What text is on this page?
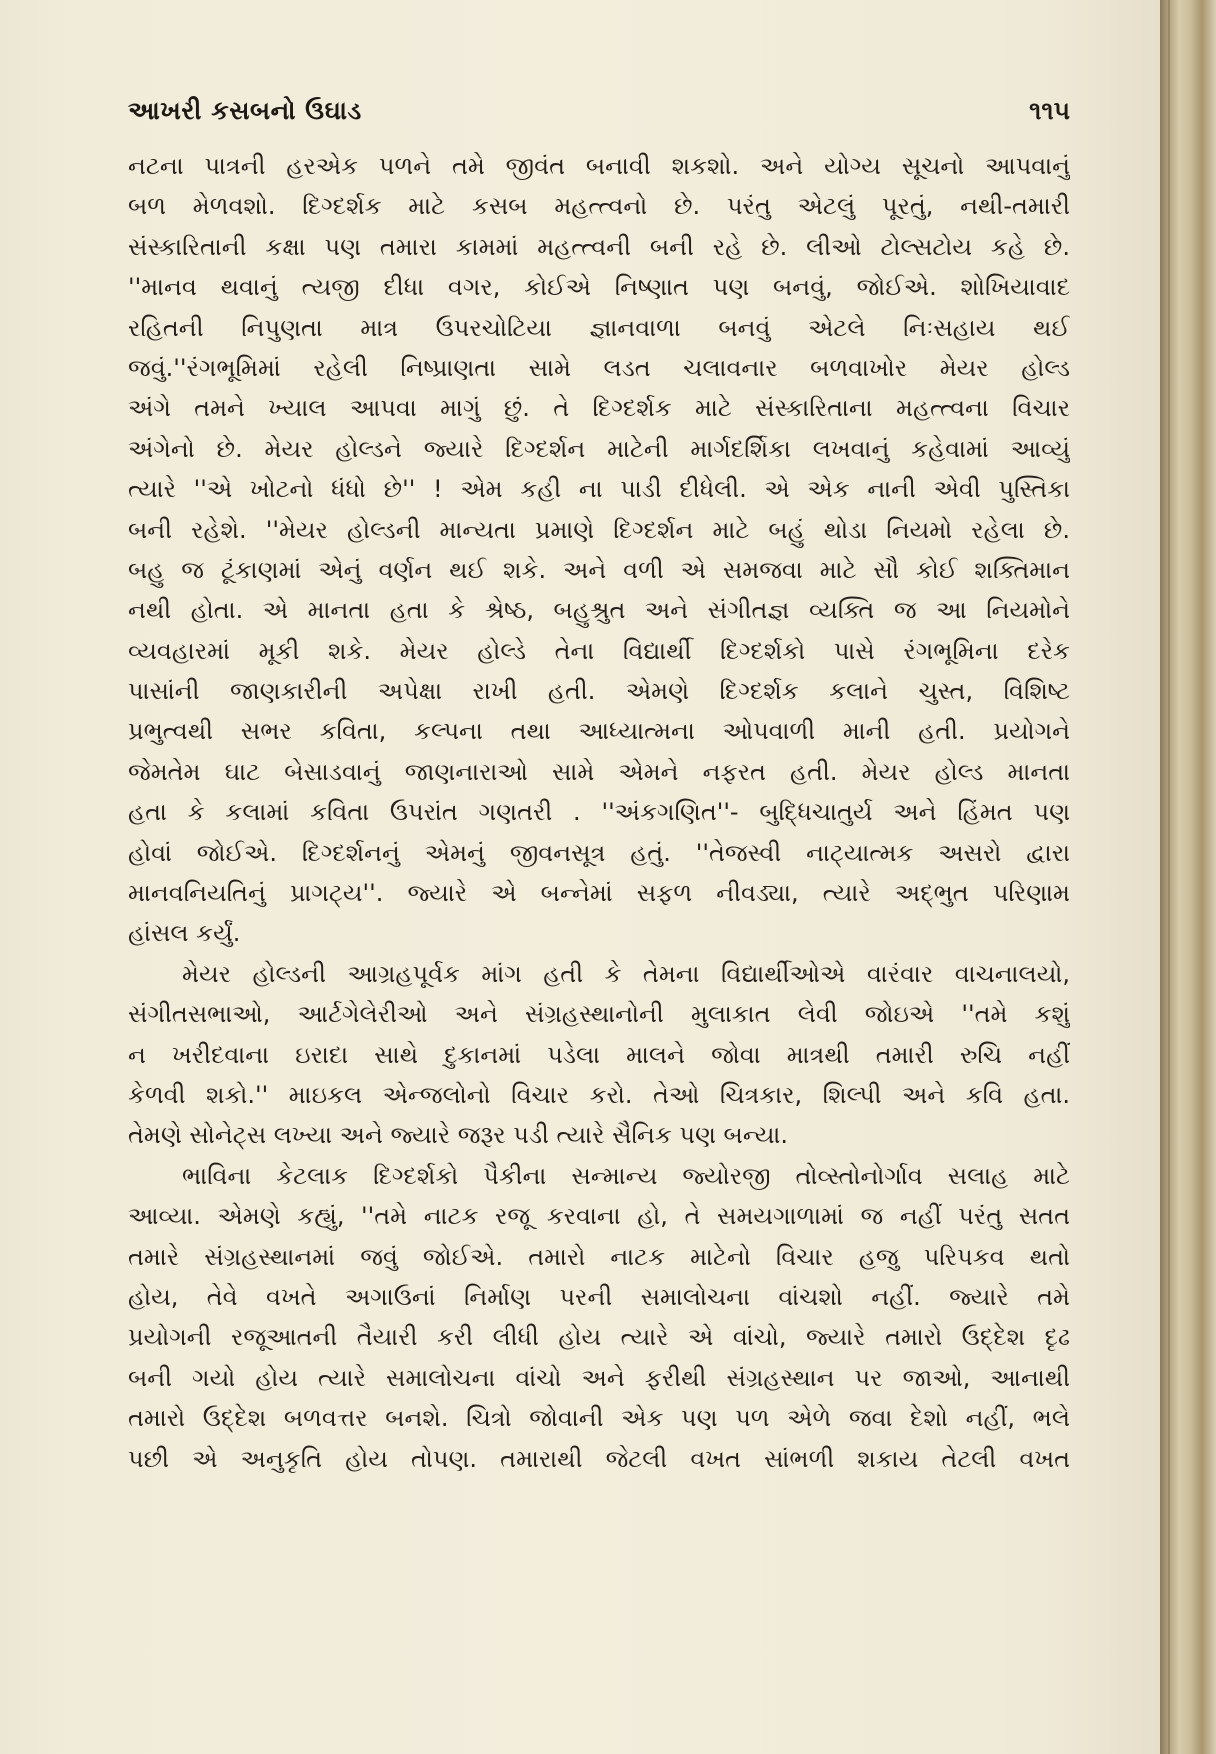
આખરી કસબનો ઉઘાડ	૧૧૫
નટના પાત્રની હરએક પળને તમે જીવંત બનાવી શકશો. અને યોગ્ય સૂચનો આપવાનું
બળ મેળવશો. દિગ્દર્શક માટે કસબ મહત્ત્વનો છે. પરંતુ એટલું પૂરતું, નથી-તમારી
સંસ્કારિતાની કક્ષા પણ તમારા કામમાં મહત્ત્વની બની રહે છે. લીઓ ટોલ્સટોય કહે છે.
''માનવ થવાનું ત્યજી દીધા વગર, કોઈએ નિષ્ણાત પણ બનવું, જોઈએ. શોખિયાવાદ
રહિતની નિપુણતા માત્ર ઉપરચોટિયા જ્ઞાનવાળા બનવું એટલે નિઃસહાય થઈ
જવું.''રંગભૂમિમાં રહેલી નિષ્પ્રાણતા સામે લડત ચલાવનાર બળવાખોર મેયર હોલ્ડ
અંગે તમને ખ્યાલ આપવા માગું છું. તે દિગ્દર્શક માટે સંસ્કારિતાના મહત્ત્વના વિચાર
અંગેનો છે. મેયર હોલ્ડને જ્યારે દિગ્દર્શન માટેની માર્ગદર્શિકા લખવાનું કહેવામાં આવ્યું
ત્યારે ''એ ખોટનો ધંધો છે'' ! એમ કહી ના પાડી દીધેલી. એ એક નાની એવી પુસ્તિકા
બની રહેશે. ''મેયર હોલ્ડની માન્યતા પ્રમાણે દિગ્દર્શન માટે બહું થોડા નિયમો રહેલા છે.
બહુ જ ટૂંકાણમાં એનું વર્ણન થઈ શકે. અને વળી એ સમજવા માટે સૌ કોઈ શક્તિમાન
નથી હોતા. એ માનતા હતા કે શ્રેષ્ઠ, બહુશ્રુત અને સંગીતજ્ઞ વ્યક્તિ જ આ નિયમોને
વ્યવહારમાં મૂકી શકે. મેયર હોલ્ડે તેના વિદ્યાર્થી દિગ્દર્શકો પાસે રંગભૂમિના દરેક
પાસાંની જાણકારીની અપેક્ષા રાખી હતી. એમણે દિગ્દર્શક કલાને ચુસ્ત, વિશિષ્ટ
પ્રભુત્વથી સભર કવિતા, કલ્પના તથા આધ્યાત્મના ઓપવાળી માની હતી. પ્રયોગને
જેમતેમ ઘાટ બેસાડવાનું જાણનારાઓ સામે એમને નફરત હતી. મેયર હોલ્ડ માનતા
હતા કે કલામાં કવિતા ઉપરાંત ગણતરી . ''અંકગણિત''- બુદ્ધિચાતુર્ય અને હિંમત પણ
હોવાં જોઈએ. દિગ્દર્શનનું એમનું જીવનસૂત્ર હતું. ''તેજસ્વી નાટ્યાત્મક અસરો દ્વારા
માનવનિયતિનું પ્રાગટ્ય''. જ્યારે એ બન્નેમાં સફળ નીવડ્યા, ત્યારે અદ્ભુત પરિણામ
હાંસલ કર્યું.
મેયર હોલ્ડની આગ્રહપૂર્વક માંગ હતી કે તેમના વિદ્યાર્થીઓએ વારંવાર વાચનાલયો,
સંગીતસભાઓ, આર્ટગેલેરીઓ અને સંગ્રહસ્થાનોની મુલાકાત લેવી જોઇએ ''તમે કશું
ન ખરીદવાના ઇરાદા સાથે દુકાનમાં પડેલા માલને જોવા માત્રથી તમારી રુચિ નહીં
કેળવી શકો.'' માઇકલ એન્જલોનો વિચાર કરો. તેઓ ચિત્રકાર, શિલ્પી અને કવિ હતા.
તેમણે સોનેટ્સ લખ્યા અને જ્યારે જરૂર પડી ત્યારે સૈનિક પણ બન્યા.
ભાવિના કેટલાક દિગ્દર્શકો પૈકીના સન્માન્ય જ્યોરજી તોવ્સ્તોનોર્ગાવ સલાહ માટે
આવ્યા. એમણે કહ્યું, ''તમે નાટક રજૂ કરવાના હો, તે સમયગાળામાં જ નહીં પરંતુ સતત
તમારે સંગ્રહસ્થાનમાં જવું જોઈએ. તમારો નાટક માટેનો વિચાર હજુ પરિપકવ થતો
હોય, તેવે વખતે અગાઉનાં નિર્માણ પરની સમાલોચના વાંચશો નહીં. જ્યારે તમે
પ્રયોગની રજૂઆતની તૈયારી કરી લીધી હોય ત્યારે એ વાંચો, જ્યારે તમારો ઉદ્દેશ દૃઢ
બની ગયો હોય ત્યારે સમાલોચના વાંચો અને ફરીથી સંગ્રહસ્થાન પર જાઓ, આનાથી
તમારો ઉદ્દેશ બળવત્તર બનશે. ચિત્રો જોવાની એક પણ પળ એળે જવા દેશો નહીં, ભલે
પછી એ અનુકૃતિ હોય તોપણ. તમારાથી જેટલી વખત સાંભળી શકાય તેટલી વખત
